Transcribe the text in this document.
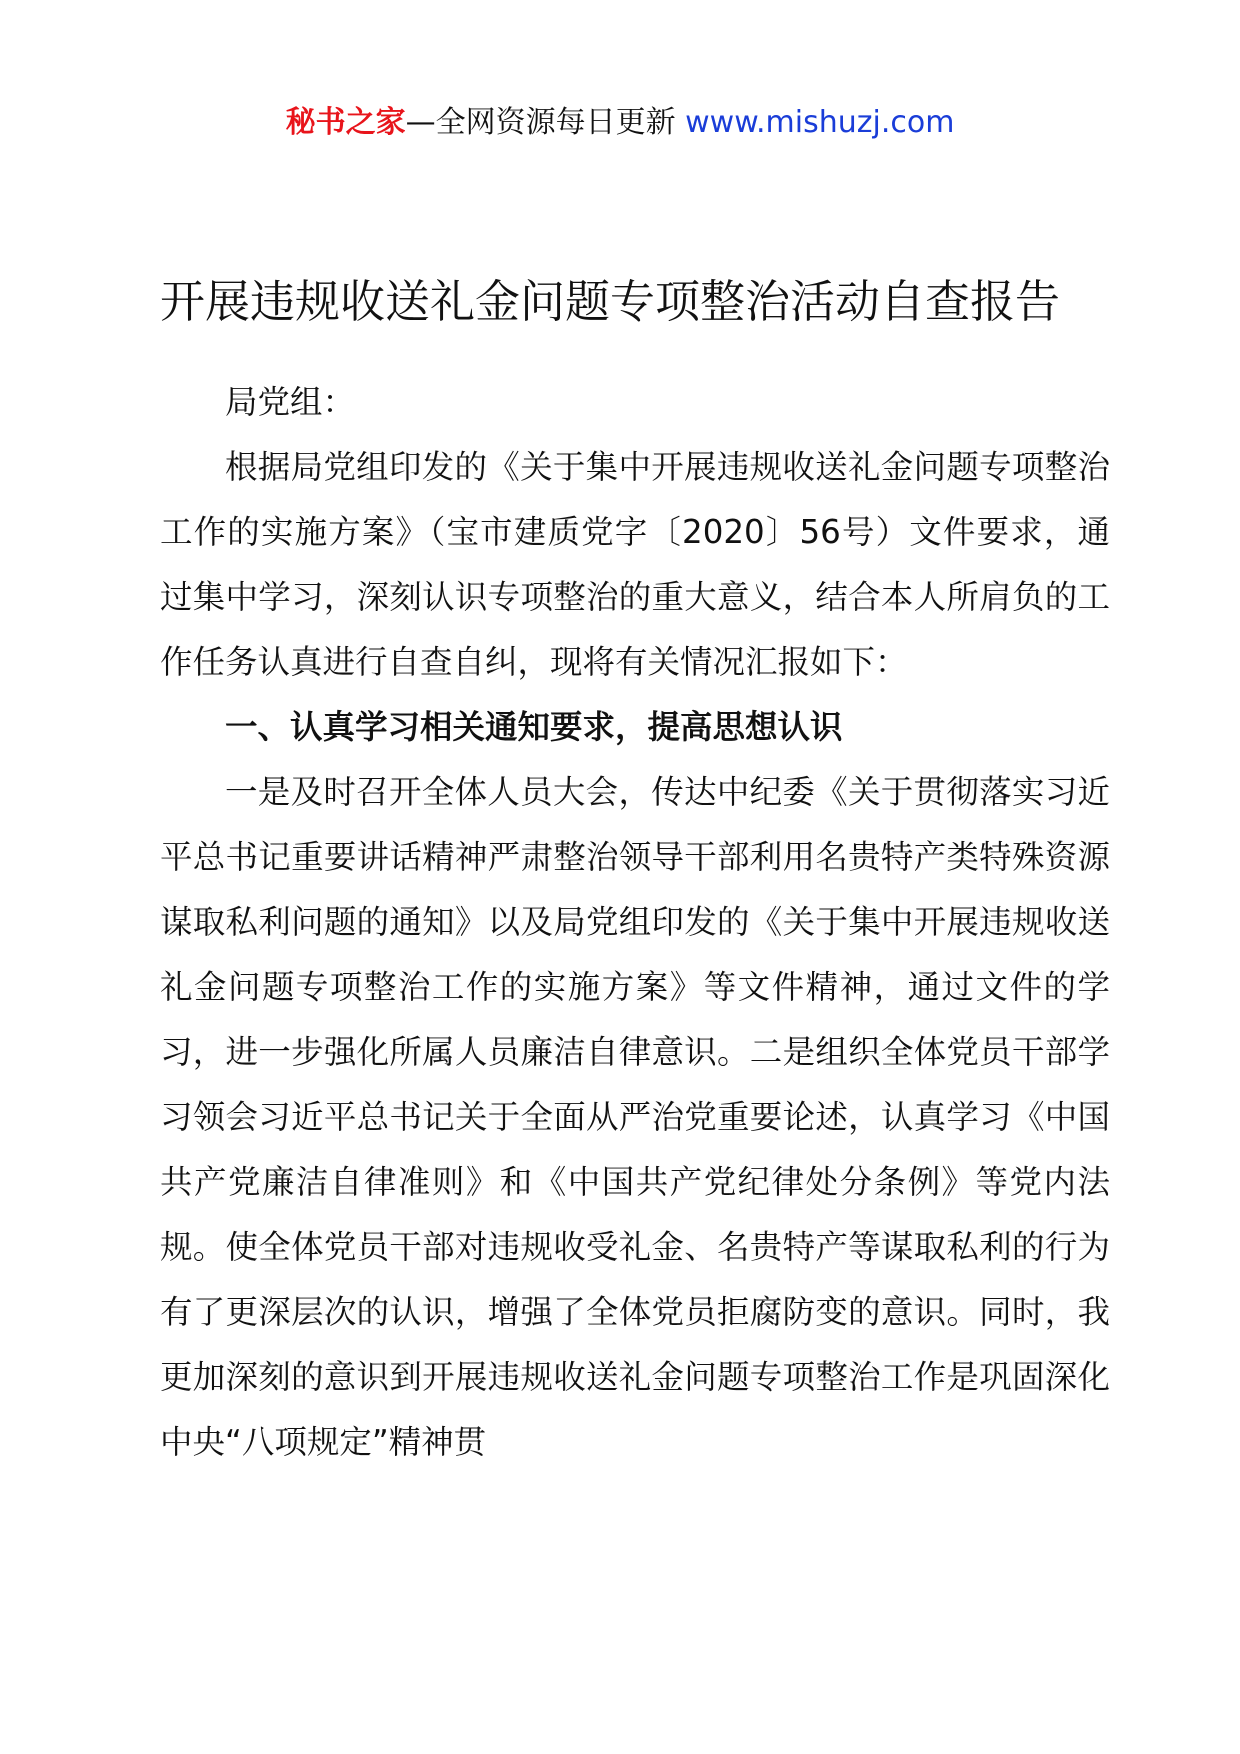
秘书之家—全网资源每日更新 www.mishuzj.com
开展违规收送礼金问题专项整治活动自查报告

局党组：

根据局党组印发的《关于集中开展违规收送礼金问题专项整治工作的实施方案》（宝市建质党字〔2020〕56号）文件要求，通过集中学习，深刻认识专项整治的重大意义，结合本人所肩负的工作任务认真进行自查自纠，现将有关情况汇报如下：

一、认真学习相关通知要求，提高思想认识

一是及时召开全体人员大会，传达中纪委《关于贯彻落实习近平总书记重要讲话精神严肃整治领导干部利用名贵特产类特殊资源谋取私利问题的通知》以及局党组印发的《关于集中开展违规收送礼金问题专项整治工作的实施方案》等文件精神，通过文件的学习，进一步强化所属人员廉洁自律意识。二是组织全体党员干部学习领会习近平总书记关于全面从严治党重要论述，认真学习《中国共产党廉洁自律准则》和《中国共产党纪律处分条例》等党内法规。使全体党员干部对违规收受礼金、名贵特产等谋取私利的行为有了更深层次的认识，增强了全体党员拒腐防变的意识。同时，我更加深刻的意识到开展违规收送礼金问题专项整治工作是巩固深化中央“八项规定”精神贯
